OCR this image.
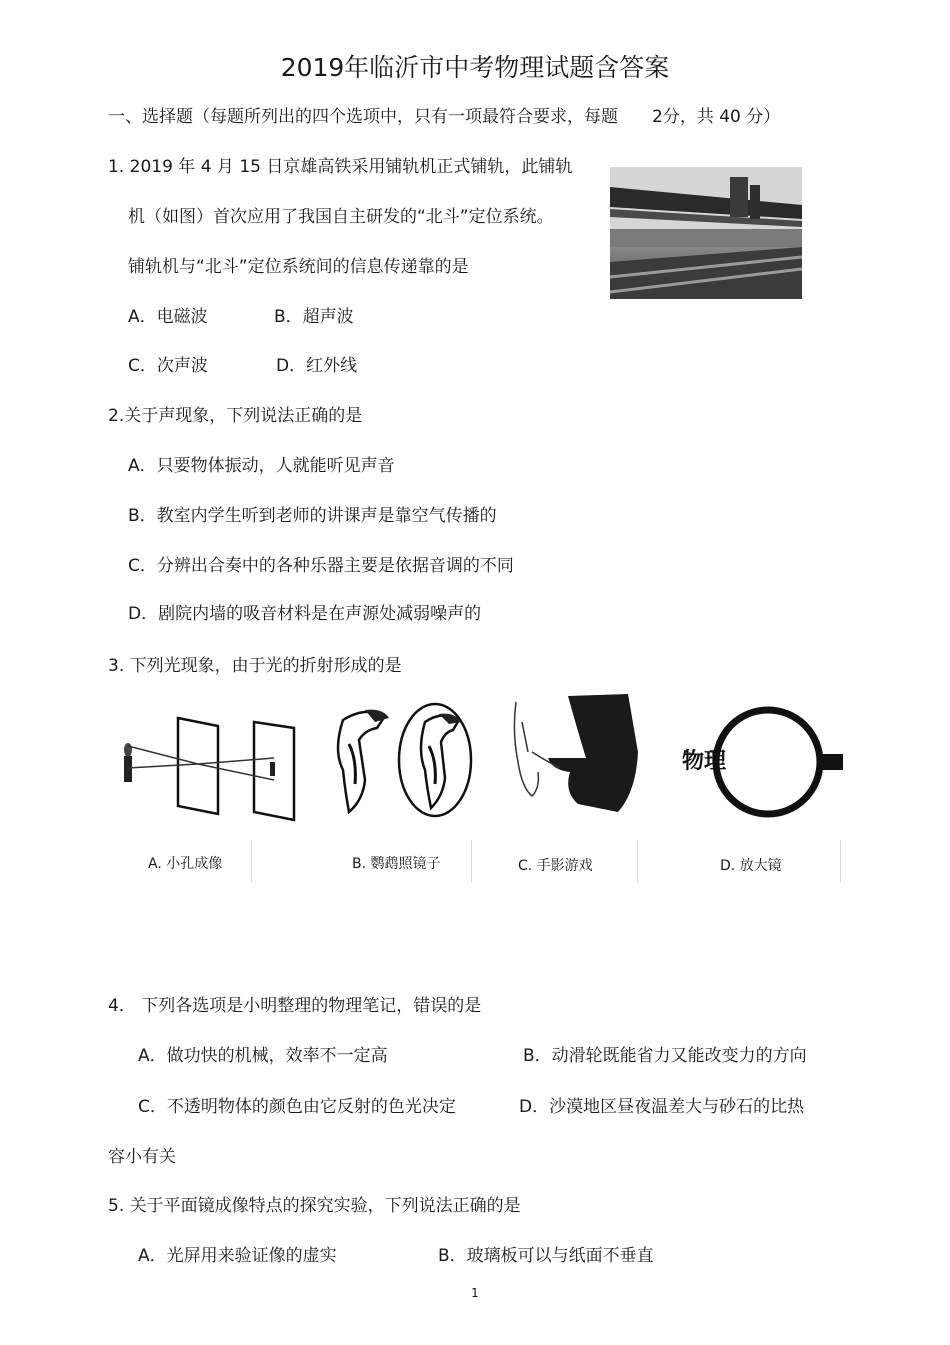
2019年临沂市中考物理试题含答案
一、选择题（每题所列出的四个选项中，只有一项最符合要求，每题　　2分，共 40 分）
1. 2019 年 4 月 15 日京雄高铁采用铺轨机正式铺轨，此铺轨
机（如图）首次应用了我国自主研发的“北斗”定位系统。
铺轨机与“北斗”定位系统间的信息传递靠的是
A．电磁波	B．超声波
C．次声波	D．红外线
2.关于声现象，下列说法正确的是
A．只要物体振动，人就能听见声音
B．教室内学生听到老师的讲课声是靠空气传播的
C．分辨出合奏中的各种乐器主要是依据音调的不同
D．剧院内墙的吸音材料是在声源处减弱噪声的
3. 下列光现象，由于光的折射形成的是
物理
A. 小孔成像	B. 鹦鹉照镜子	C. 手影游戏	D. 放大镜
4． 下列各选项是小明整理的物理笔记，错误的是
A．做功快的机械，效率不一定高	B．动滑轮既能省力又能改变力的方向
C．不透明物体的颜色由它反射的色光决定	D．沙漠地区昼夜温差大与砂石的比热
容小有关
5. 关于平面镜成像特点的探究实验，下列说法正确的是
A．光屏用来验证像的虚实	B．玻璃板可以与纸面不垂直
1
